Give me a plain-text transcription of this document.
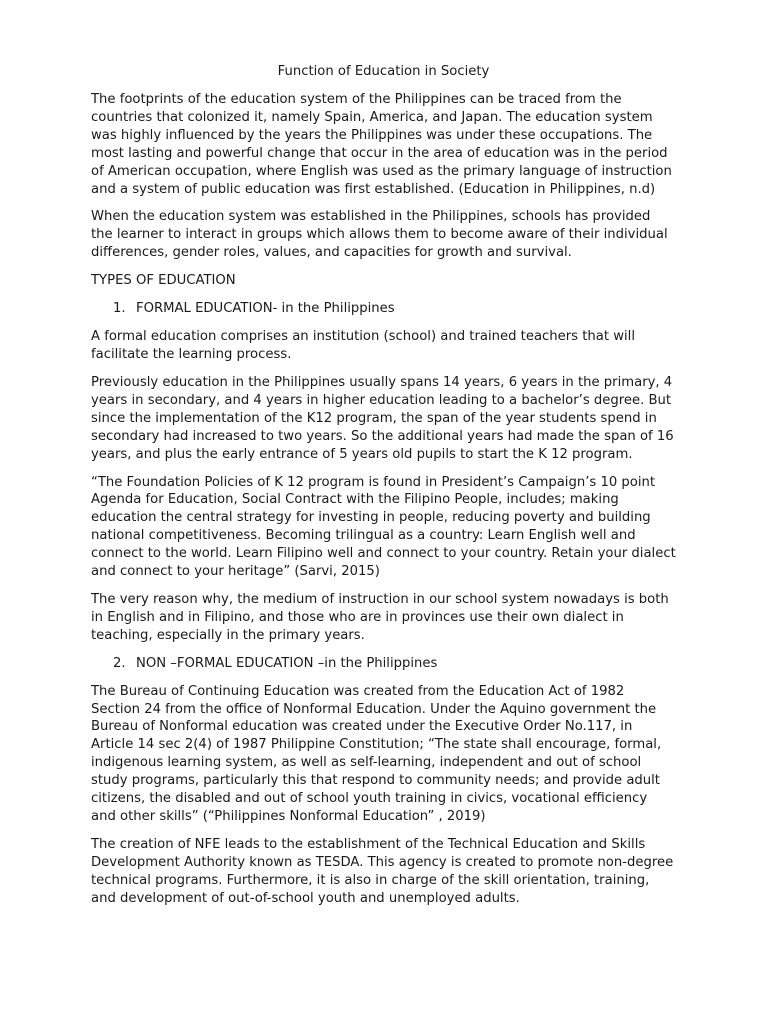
Function of Education in Society

The footprints of the education system of the Philippines can be traced from the countries that colonized it, namely Spain, America, and Japan. The education system was highly influenced by the years the Philippines was under these occupations. The most lasting and powerful change that occur in the area of education was in the period of American occupation, where English was used as the primary language of instruction and a system of public education was first established. (Education in Philippines, n.d)

When the education system was established in the Philippines, schools has provided the learner to interact in groups which allows them to become aware of their individual differences, gender roles, values, and capacities for growth and survival.

TYPES OF EDUCATION
1. FORMAL EDUCATION- in the Philippines

A formal education comprises an institution (school) and trained teachers that will facilitate the learning process.

Previously education in the Philippines usually spans 14 years, 6 years in the primary, 4 years in secondary, and 4 years in higher education leading to a bachelor’s degree. But since the implementation of the K12 program, the span of the year students spend in secondary had increased to two years. So the additional years had made the span of 16 years, and plus the early entrance of 5 years old pupils to start the K 12 program.

“The Foundation Policies of K 12 program is found in President’s Campaign’s 10 point Agenda for Education, Social Contract with the Filipino People, includes; making education the central strategy for investing in people, reducing poverty and building national competitiveness. Becoming trilingual as a country: Learn English well and connect to the world. Learn Filipino well and connect to your country. Retain your dialect and connect to your heritage” (Sarvi, 2015)

The very reason why, the medium of instruction in our school system nowadays is both in English and in Filipino, and those who are in provinces use their own dialect in teaching, especially in the primary years.

2. NON –FORMAL EDUCATION –in the Philippines

The Bureau of Continuing Education was created from the Education Act of 1982 Section 24 from the office of Nonformal Education. Under the Aquino government the Bureau of Nonformal education was created under the Executive Order No.117, in Article 14 sec 2(4) of 1987 Philippine Constitution; “The state shall encourage, formal, indigenous learning system, as well as self-learning, independent and out of school study programs, particularly this that respond to community needs; and provide adult citizens, the disabled and out of school youth training in civics, vocational efficiency and other skills” (“Philippines Nonformal Education” , 2019)

The creation of NFE leads to the establishment of the Technical Education and Skills Development Authority known as TESDA. This agency is created to promote non-degree technical programs. Furthermore, it is also in charge of the skill orientation, training, and development of out-of-school youth and unemployed adults.
